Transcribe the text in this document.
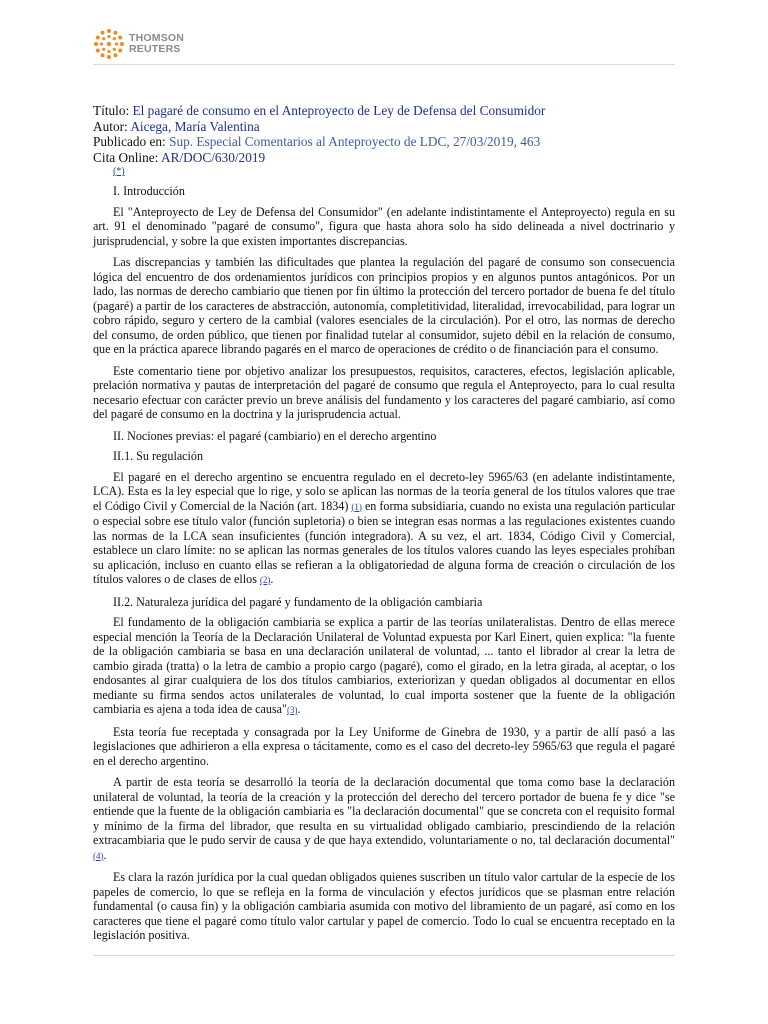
THOMSON
REUTERS
Título: El pagaré de consumo en el Anteproyecto de Ley de Defensa del Consumidor
Autor: Aicega, María Valentina
Publicado en: Sup. Especial Comentarios al Anteproyecto de LDC, 27/03/2019, 463
Cita Online: AR/DOC/630/2019
(*)

I. Introducción

El "Anteproyecto de Ley de Defensa del Consumidor" (en adelante indistintamente el Anteproyecto) regula en su art. 91 el denominado "pagaré de consumo", figura que hasta ahora solo ha sido delineada a nivel doctrinario y jurisprudencial, y sobre la que existen importantes discrepancias.

Las discrepancias y también las dificultades que plantea la regulación del pagaré de consumo son consecuencia lógica del encuentro de dos ordenamientos jurídicos con principios propios y en algunos puntos antagónicos. Por un lado, las normas de derecho cambiario que tienen por fin último la protección del tercero portador de buena fe del título (pagaré) a partir de los caracteres de abstracción, autonomía, completitividad, literalidad, irrevocabilidad, para lograr un cobro rápido, seguro y certero de la cambial (valores esenciales de la circulación). Por el otro, las normas de derecho del consumo, de orden público, que tienen por finalidad tutelar al consumidor, sujeto débil en la relación de consumo, que en la práctica aparece librando pagarés en el marco de operaciones de crédito o de financiación para el consumo.

Este comentario tiene por objetivo analizar los presupuestos, requisitos, caracteres, efectos, legislación aplicable, prelación normativa y pautas de interpretación del pagaré de consumo que regula el Anteproyecto, para lo cual resulta necesario efectuar con carácter previo un breve análisis del fundamento y los caracteres del pagaré cambiario, así como del pagaré de consumo en la doctrina y la jurisprudencia actual.

II. Nociones previas: el pagaré (cambiario) en el derecho argentino

II.1. Su regulación

El pagaré en el derecho argentino se encuentra regulado en el decreto-ley 5965/63 (en adelante indistintamente, LCA). Esta es la ley especial que lo rige, y solo se aplican las normas de la teoría general de los títulos valores que trae el Código Civil y Comercial de la Nación (art. 1834) (1) en forma subsidiaria, cuando no exista una regulación particular o especial sobre ese título valor (función supletoria) o bien se integran esas normas a las regulaciones existentes cuando las normas de la LCA sean insuficientes (función integradora). A su vez, el art. 1834, Código Civil y Comercial, establece un claro límite: no se aplican las normas generales de los títulos valores cuando las leyes especiales prohíban su aplicación, incluso en cuanto ellas se refieran a la obligatoriedad de alguna forma de creación o circulación de los títulos valores o de clases de ellos (2).

II.2. Naturaleza jurídica del pagaré y fundamento de la obligación cambiaria

El fundamento de la obligación cambiaria se explica a partir de las teorías unilateralistas. Dentro de ellas merece especial mención la Teoría de la Declaración Unilateral de Voluntad expuesta por Karl Einert, quien explica: "la fuente de la obligación cambiaria se basa en una declaración unilateral de voluntad, ... tanto el librador al crear la letra de cambio girada (tratta) o la letra de cambio a propio cargo (pagaré), como el girado, en la letra girada, al aceptar, o los endosantes al girar cualquiera de los dos títulos cambiarios, exteriorizan y quedan obligados al documentar en ellos mediante su firma sendos actos unilaterales de voluntad, lo cual importa sostener que la fuente de la obligación cambiaria es ajena a toda idea de causa"(3).

Esta teoría fue receptada y consagrada por la Ley Uniforme de Ginebra de 1930, y a partir de allí pasó a las legislaciones que adhirieron a ella expresa o tácitamente, como es el caso del decreto-ley 5965/63 que regula el pagaré en el derecho argentino.

A partir de esta teoría se desarrolló la teoría de la declaración documental que toma como base la declaración unilateral de voluntad, la teoría de la creación y la protección del derecho del tercero portador de buena fe y dice "se entiende que la fuente de la obligación cambiaria es "la declaración documental" que se concreta con el requisito formal y mínimo de la firma del librador, que resulta en su virtualidad obligado cambiario, prescindiendo de la relación extracambiaria que le pudo servir de causa y de que haya extendido, voluntariamente o no, tal declaración documental"(4).

Es clara la razón jurídica por la cual quedan obligados quienes suscriben un título valor cartular de la especie de los papeles de comercio, lo que se refleja en la forma de vinculación y efectos jurídicos que se plasman entre relación fundamental (o causa fin) y la obligación cambiaria asumida con motivo del libramiento de un pagaré, así como en los caracteres que tiene el pagaré como título valor cartular y papel de comercio. Todo lo cual se encuentra receptado en la legislación positiva.
